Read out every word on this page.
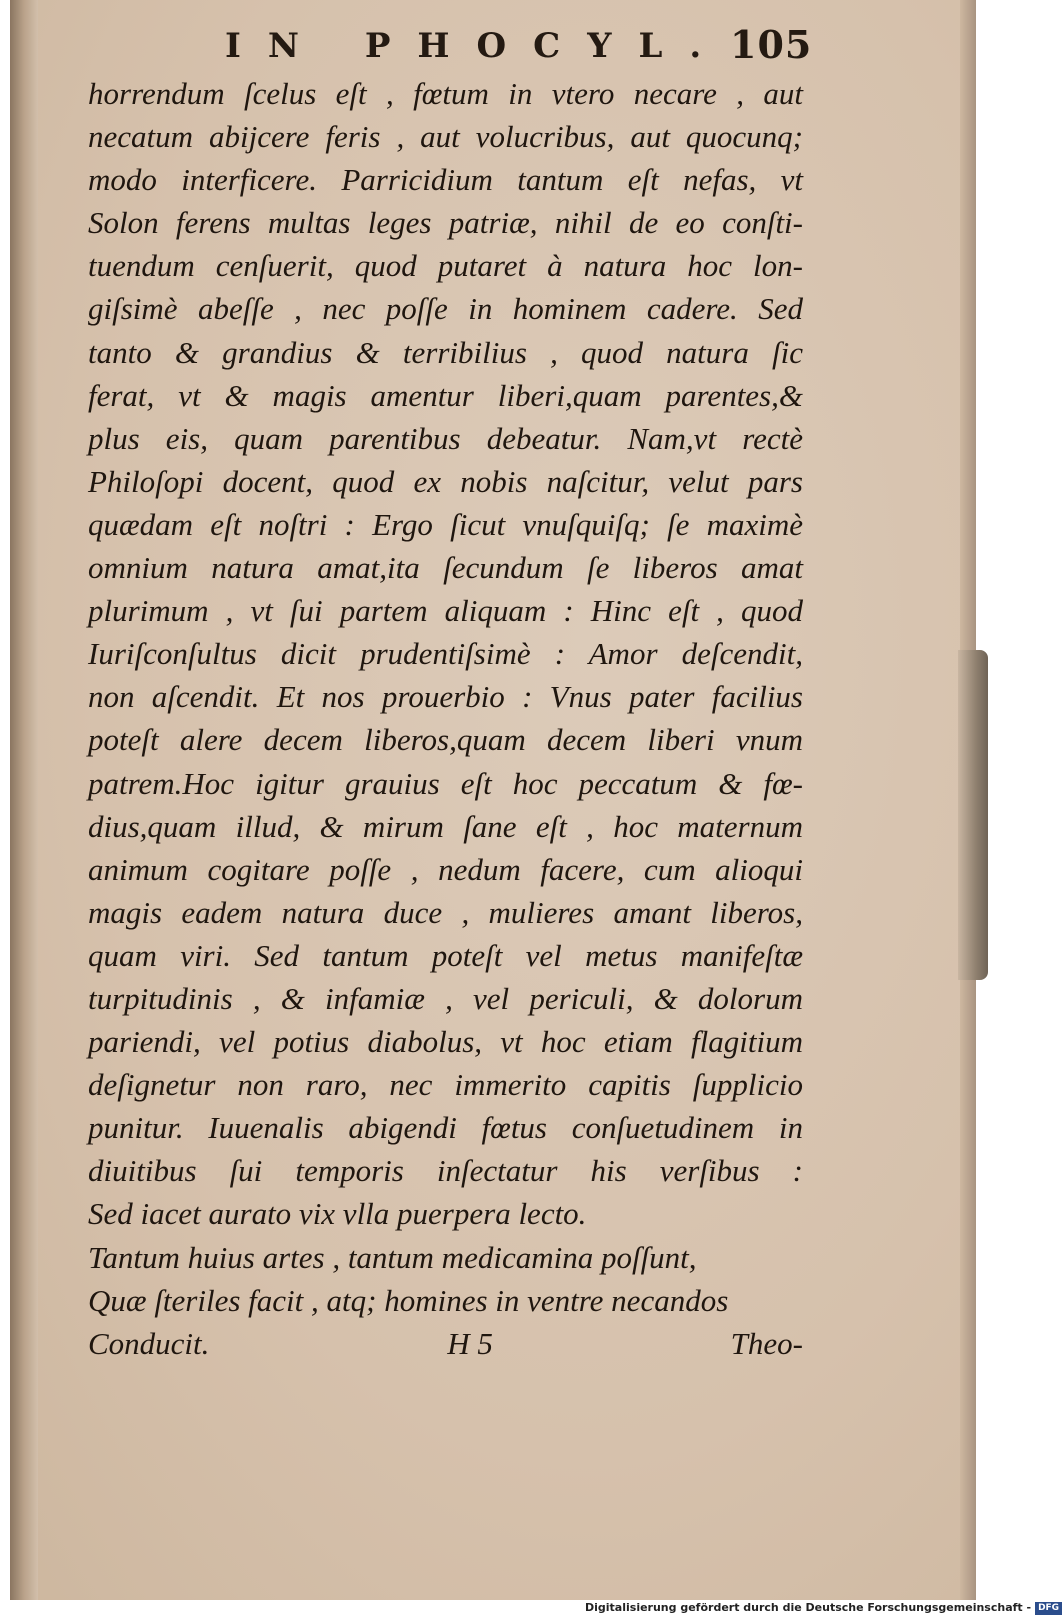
IN PHOCYL. 105
horrendum ſcelus eſt , fœtum in vtero necare , aut
necatum abijcere feris , aut volucribus, aut quocunq;
modo interficere. Parricidium tantum eſt nefas, vt
Solon ferens multas leges patriæ, nihil de eo conſti-
tuendum cenſuerit, quod putaret à natura hoc lon-
giſsimè abeſſe , nec poſſe in hominem cadere. Sed
tanto & grandius & terribilius , quod natura ſic
ferat, vt & magis amentur liberi,quam parentes,&
plus eis, quam parentibus debeatur. Nam,vt rectè
Philoſopi docent, quod ex nobis naſcitur, velut pars
quædam eſt noſtri : Ergo ſicut vnuſquiſq; ſe maximè
omnium natura amat,ita ſecundum ſe liberos amat
plurimum , vt ſui partem aliquam : Hinc eſt , quod
Iuriſconſultus dicit prudentiſsimè : Amor deſcendit,
non aſcendit. Et nos prouerbio : Vnus pater facilius
poteſt alere decem liberos,quam decem liberi vnum
patrem.Hoc igitur grauius eſt hoc peccatum & fœ-
dius,quam illud, & mirum ſane eſt , hoc maternum
animum cogitare poſſe , nedum facere, cum alioqui
magis eadem natura duce , mulieres amant liberos,
quam viri. Sed tantum poteſt vel metus manifeſtæ
turpitudinis , & infamiæ , vel periculi, & dolorum
pariendi, vel potius diabolus, vt hoc etiam flagitium
deſignetur non raro, nec immerito capitis ſupplicio
punitur. Iuuenalis abigendi fœtus conſuetudinem in
diuitibus ſui temporis inſectatur his verſibus :
Sed iacet aurato vix vlla puerpera lecto.
Tantum huius artes , tantum medicamina poſſunt,
Quæ ſteriles facit , atq; homines in ventre necandos
Conducit.	H 5	Theo-
Digitalisierung gefördert durch die Deutsche Forschungsgemeinschaft - DFG
